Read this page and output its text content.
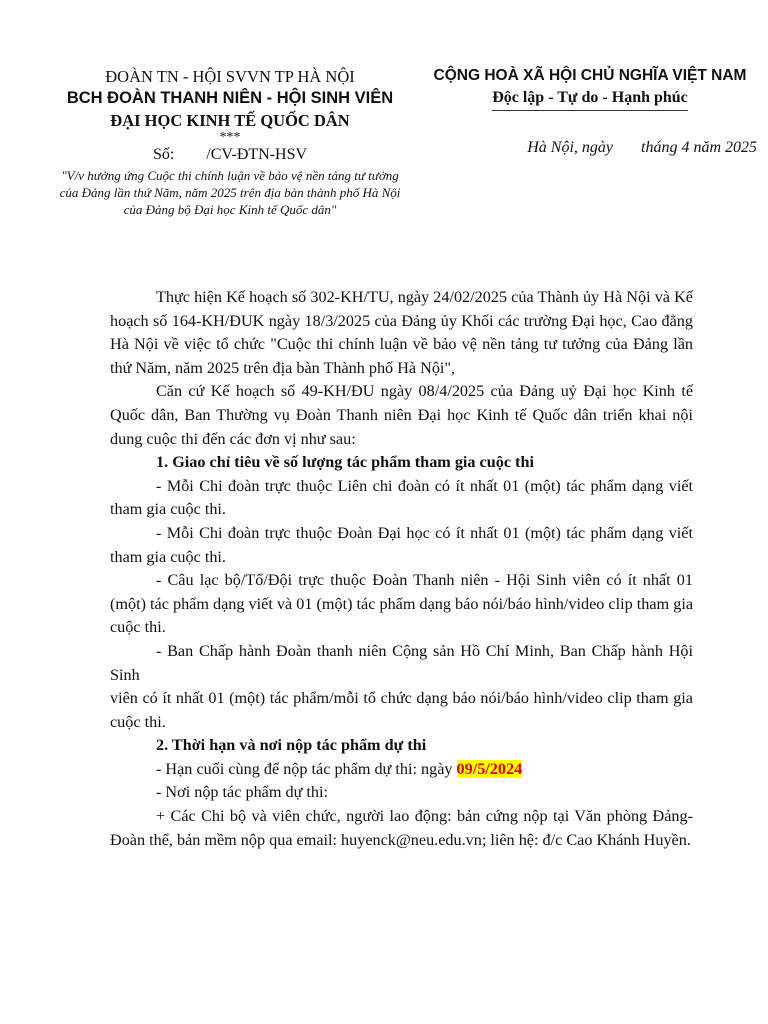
ĐOÀN TN - HỘI SVVN TP HÀ NỘI
BCH ĐOÀN THANH NIÊN - HỘI SINH VIÊN
ĐẠI HỌC KINH TẾ QUỐC DÂN
***
Số:        /CV-ĐTN-HSV
"V/v hưởng ứng Cuộc thi chính luận về bảo vệ nền tảng tư tưởng của Đảng lần thứ Năm, năm 2025 trên địa bàn thành phố Hà Nội của Đảng bộ Đại học Kinh tế Quốc dân"
CỘNG HOÀ XÃ HỘI CHỦ NGHĨA VIỆT NAM
Độc lập - Tự do - Hạnh phúc
Hà Nội, ngày       tháng 4 năm 2025

Thực hiện Kế hoạch số 302-KH/TU, ngày 24/02/2025 của Thành ủy Hà Nội và Kế hoạch số 164-KH/ĐUK ngày 18/3/2025 của Đảng ủy Khối các trường Đại học, Cao đẳng Hà Nội về việc tổ chức "Cuộc thi chính luận về bảo vệ nền tảng tư tưởng của Đảng lần thứ Năm, năm 2025 trên địa bàn Thành phố Hà Nội",

Căn cứ Kế hoạch số 49-KH/ĐU ngày 08/4/2025 của Đảng uỷ Đại học Kinh tế Quốc dân, Ban Thường vụ Đoàn Thanh niên Đại học Kinh tế Quốc dân triển khai nội dung cuộc thi đến các đơn vị như sau:

1. Giao chỉ tiêu về số lượng tác phẩm tham gia cuộc thi

- Mỗi Chi đoàn trực thuộc Liên chi đoàn có ít nhất 01 (một) tác phẩm dạng viết tham gia cuộc thi.

- Mỗi Chi đoàn trực thuộc Đoàn Đại học có ít nhất 01 (một) tác phẩm dạng viết tham gia cuộc thi.

- Câu lạc bộ/Tổ/Đội trực thuộc Đoàn Thanh niên - Hội Sinh viên có ít nhất 01 (một) tác phẩm dạng viết và 01 (một) tác phẩm dạng báo nói/báo hình/video clip tham gia cuộc thi.

- Ban Chấp hành Đoàn thanh niên Cộng sản Hồ Chí Minh, Ban Chấp hành Hội Sinh

viên có ít nhất 01 (một) tác phẩm/mỗi tổ chức dạng báo nói/báo hình/video clip tham gia cuộc thi.

2. Thời hạn và nơi nộp tác phẩm dự thi

- Hạn cuối cùng để nộp tác phẩm dự thi: ngày 09/5/2024

- Nơi nộp tác phẩm dự thi:

+ Các Chi bộ và viên chức, người lao động: bản cứng nộp tại Văn phòng Đảng- Đoàn thể, bản mềm nộp qua email: huyenck@neu.edu.vn; liên hệ: đ/c Cao Khánh Huyền.
